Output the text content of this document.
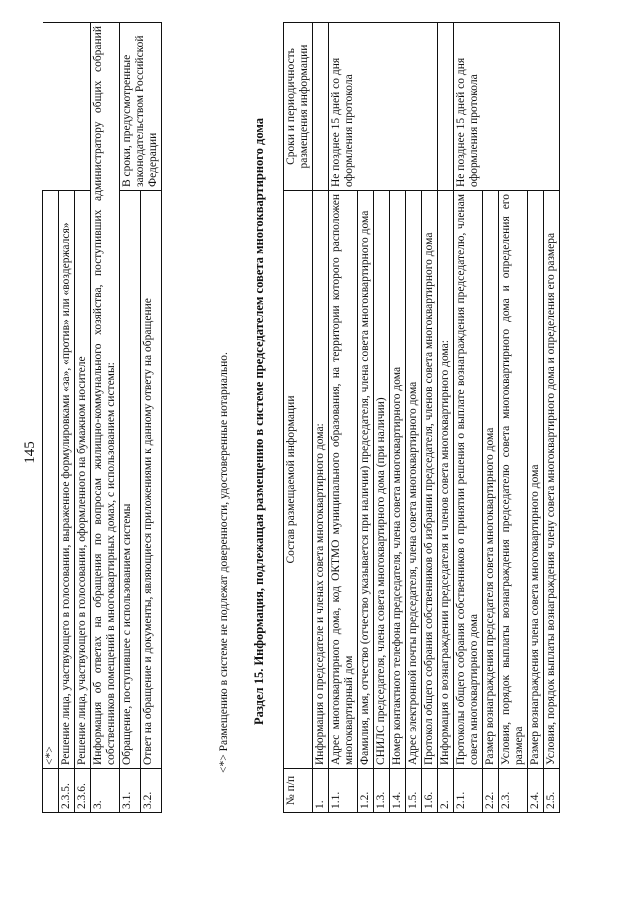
145
	<*>	
2.3.5.	Решение лица, участвующего в голосовании, выраженное формулировками «за», «против» или «воздержался»	
2.3.6.	Решение лица, участвующего в голосовании, оформленного на бумажном носителе	
3.	Информация об ответах на обращения по вопросам жилищно-коммунального хозяйства, поступивших администратору общих собраний собственников помещений в многоквартирных домах, с использованием системы:	
3.1.	Обращение, поступившее с использованием системы	В сроки, предусмотренные законодательством Российской Федерации
3.2.	Ответ на обращение и документы, являющиеся приложениями к данному ответу на обращение		<*> Размещению в системе не подлежат доверенности, удостоверенные нотариально. Раздел 15. Информация, подлежащая размещению в системе председателем совета многоквартирного дома
№ п/п	Состав размещаемой информации	Сроки и периодичность размещения информации
1.	Информация о председателе и членах совета многоквартирного дома:	
1.1.	Адрес многоквартирного дома, код ОКТМО муниципального образования, на территории которого расположен многоквартирный дом	Не позднее 15 дней со дня оформления протокола
1.2.	Фамилия, имя, отчество (отчество указывается при наличии) председателя, члена совета многоквартирного дома	
1.3.	СНИЛС председателя, члена совета многоквартирного дома (при наличии)	
1.4.	Номер контактного телефона председателя, члена совета многоквартирного дома	
1.5.	Адрес электронной почты председателя, члена совета многоквартирного дома	
1.6.	Протокол общего собрания собственников об избрании председателя, членов совета многоквартирного дома	
2.	Информация о вознаграждении председателя и членов совета многоквартирного дома:	
2.1.	Протоколы общего собрания собственников о принятии решения о выплате вознаграждения председателю, членам совета многоквартирного дома	Не позднее 15 дней со дня оформления протокола
2.2.	Размер вознаграждения председателя совета многоквартирного дома	
2.3.	Условия, порядок выплаты вознаграждения председателю совета многоквартирного дома и определения его размера	
2.4.	Размер вознаграждения члена совета многоквартирного дома	
2.5.	Условия, порядок выплаты вознаграждения члену совета многоквартирного дома и определения его размера	
